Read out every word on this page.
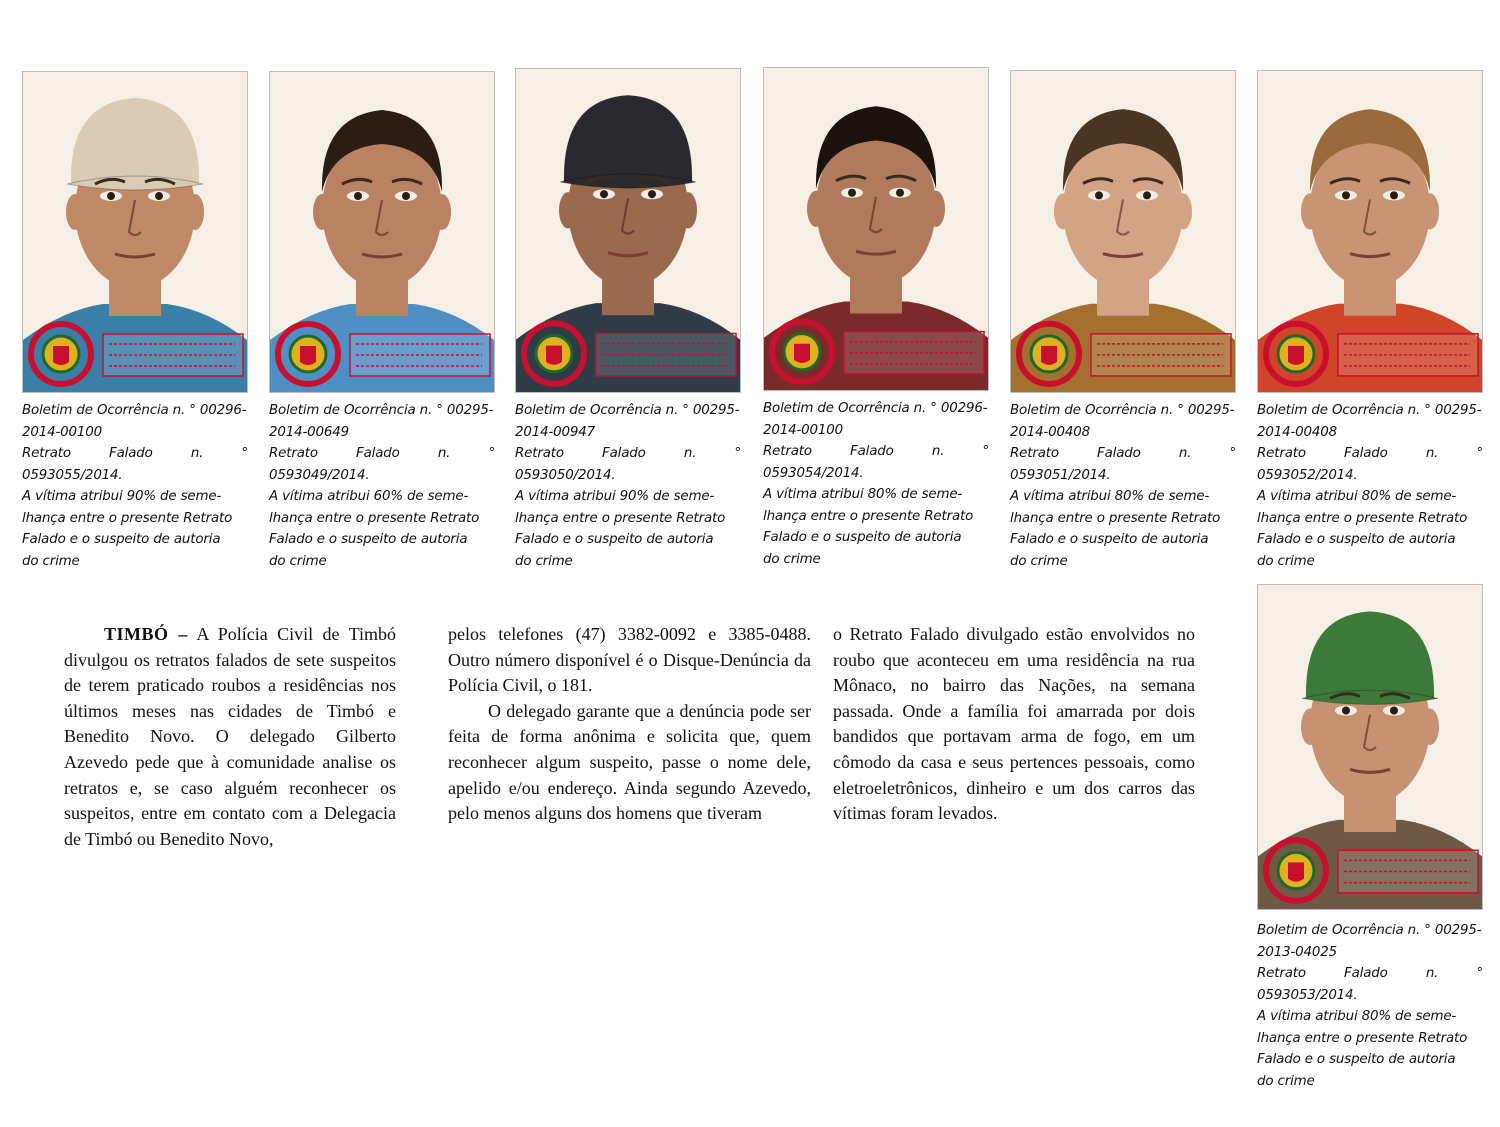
Boletim de Ocorrência n. ° 00296-
2014-00100
Retrato Falado n. ° 0593055/2014.
A vítima atribui 90% de seme-
lhança entre o presente Retrato
Falado e o suspeito de autoria
do crime
Boletim de Ocorrência n. ° 00295-
2014-00649
Retrato Falado n. ° 0593049/2014.
A vítima atribui 60% de seme-
lhança entre o presente Retrato
Falado e o suspeito de autoria
do crime
Boletim de Ocorrência n. ° 00295-
2014-00947
Retrato Falado n. ° 0593050/2014.
A vítima atribui 90% de seme-
lhança entre o presente Retrato
Falado e o suspeito de autoria
do crime
Boletim de Ocorrência n. ° 00296-
2014-00100
Retrato Falado n. ° 0593054/2014.
A vítima atribui 80% de seme-
lhança entre o presente Retrato
Falado e o suspeito de autoria
do crime
Boletim de Ocorrência n. ° 00295-
2014-00408
Retrato Falado n. ° 0593051/2014.
A vítima atribui 80% de seme-
lhança entre o presente Retrato
Falado e o suspeito de autoria
do crime
Boletim de Ocorrência n. ° 00295-
2014-00408
Retrato Falado n. ° 0593052/2014.
A vítima atribui 80% de seme-
lhança entre o presente Retrato
Falado e o suspeito de autoria
do crime
Boletim de Ocorrência n. ° 00295-
2013-04025
Retrato Falado n. ° 0593053/2014.
A vítima atribui 80% de seme-
lhança entre o presente Retrato
Falado e o suspeito de autoria
do crime

TIMBÓ – A Polícia Civil de Timbó divulgou os retratos falados de sete suspeitos de terem praticado roubos a residências nos últimos meses nas cidades de Timbó e Benedito Novo. O delegado Gilberto Azevedo pede que à comunidade analise os retratos e, se caso alguém reconhecer os suspeitos, entre em contato com a Delegacia de Timbó ou Benedito Novo,

pelos telefones (47) 3382-0092 e 3385-0488. Outro número disponível é o Disque-Denúncia da Polícia Civil, o 181.

O delegado garante que a denúncia pode ser feita de forma anônima e solicita que, quem reconhecer algum suspeito, passe o nome dele, apelido e/ou endereço. Ainda segundo Azevedo, pelo menos alguns dos homens que tiveram

o Retrato Falado divulgado estão envolvidos no roubo que aconteceu em uma residência na rua Mônaco, no bairro das Nações, na semana passada. Onde a família foi amarrada por dois bandidos que portavam arma de fogo, em um cômodo da casa e seus pertences pessoais, como eletroeletrônicos, dinheiro e um dos carros das vítimas foram levados.
